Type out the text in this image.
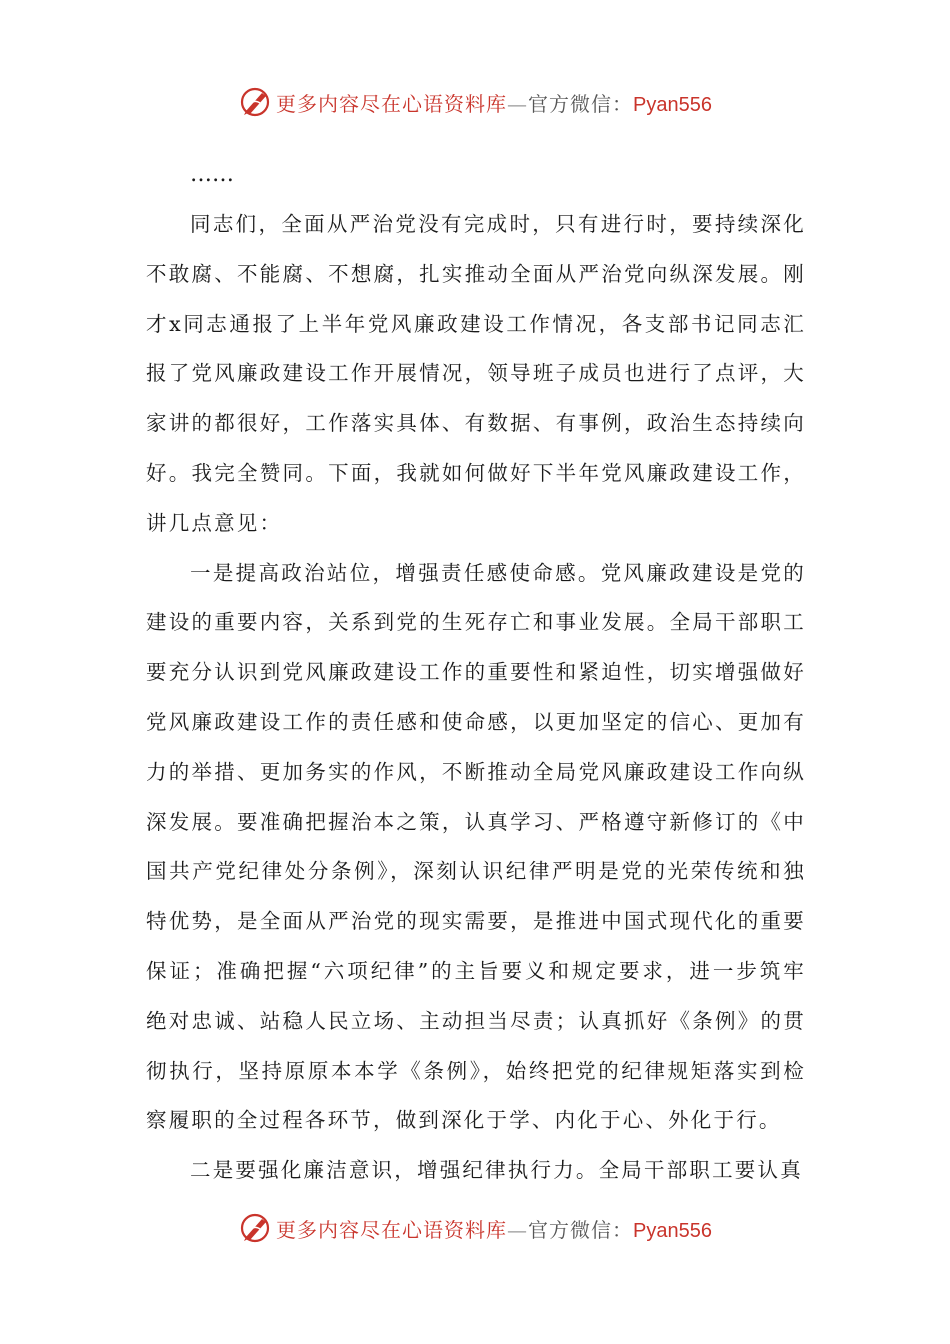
更多内容尽在心语资料库—官方微信：Pyan556

……

同志们，全面从严治党没有完成时，只有进行时，要持续深化不敢腐、不能腐、不想腐，扎实推动全面从严治党向纵深发展。刚才x同志通报了上半年党风廉政建设工作情况，各支部书记同志汇报了党风廉政建设工作开展情况，领导班子成员也进行了点评，大家讲的都很好，工作落实具体、有数据、有事例，政治生态持续向好。我完全赞同。下面，我就如何做好下半年党风廉政建设工作，讲几点意见：

一是提高政治站位，增强责任感使命感。党风廉政建设是党的建设的重要内容，关系到党的生死存亡和事业发展。全局干部职工要充分认识到党风廉政建设工作的重要性和紧迫性，切实增强做好党风廉政建设工作的责任感和使命感，以更加坚定的信心、更加有力的举措、更加务实的作风，不断推动全局党风廉政建设工作向纵深发展。要准确把握治本之策，认真学习、严格遵守新修订的《中国共产党纪律处分条例》，深刻认识纪律严明是党的光荣传统和独特优势，是全面从严治党的现实需要，是推进中国式现代化的重要保证；准确把握“六项纪律”的主旨要义和规定要求，进一步筑牢绝对忠诚、站稳人民立场、主动担当尽责；认真抓好《条例》的贯彻执行，坚持原原本本学《条例》，始终把党的纪律规矩落实到检察履职的全过程各环节，做到深化于学、内化于心、外化于行。

二是要强化廉洁意识，增强纪律执行力。全局干部职工要认真

更多内容尽在心语资料库—官方微信：Pyan556
